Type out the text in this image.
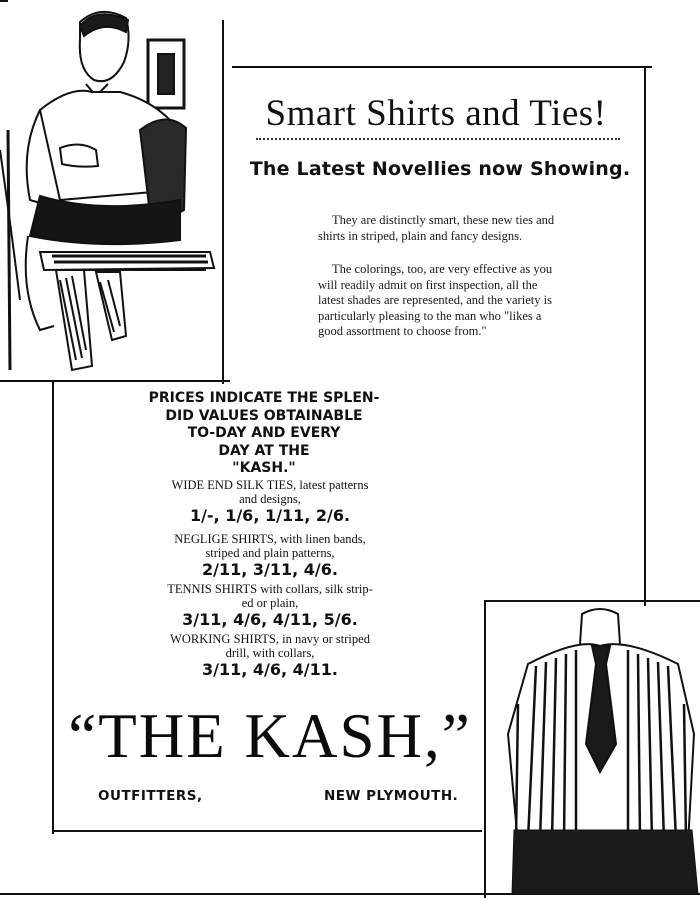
Smart Shirts and Ties!
The Latest Novellies now Showing.
They are distinctly smart, these new ties and shirts in striped, plain and fancy designs.
The colorings, too, are very effective as you will readily admit on first inspection, all the latest shades are represented, and the variety is particularly pleasing to the man who "likes a good assortment to choose from."
PRICES INDICATE THE SPLEN-
DID VALUES OBTAINABLE
TO-DAY AND EVERY
DAY AT THE
"KASH."
WIDE END SILK TIES, latest patterns
and designs,
1/-, 1/6, 1/11, 2/6.
NEGLIGE SHIRTS, with linen bands,
striped and plain patterns,
2/11, 3/11, 4/6.
TENNIS SHIRTS with collars, silk strip-
ed or plain,
3/11, 4/6, 4/11, 5/6.
WORKING SHIRTS, in navy or striped
drill, with collars,
3/11, 4/6, 4/11.
“THE KASH,”
OUTFITTERS,	NEW PLYMOUTH.
